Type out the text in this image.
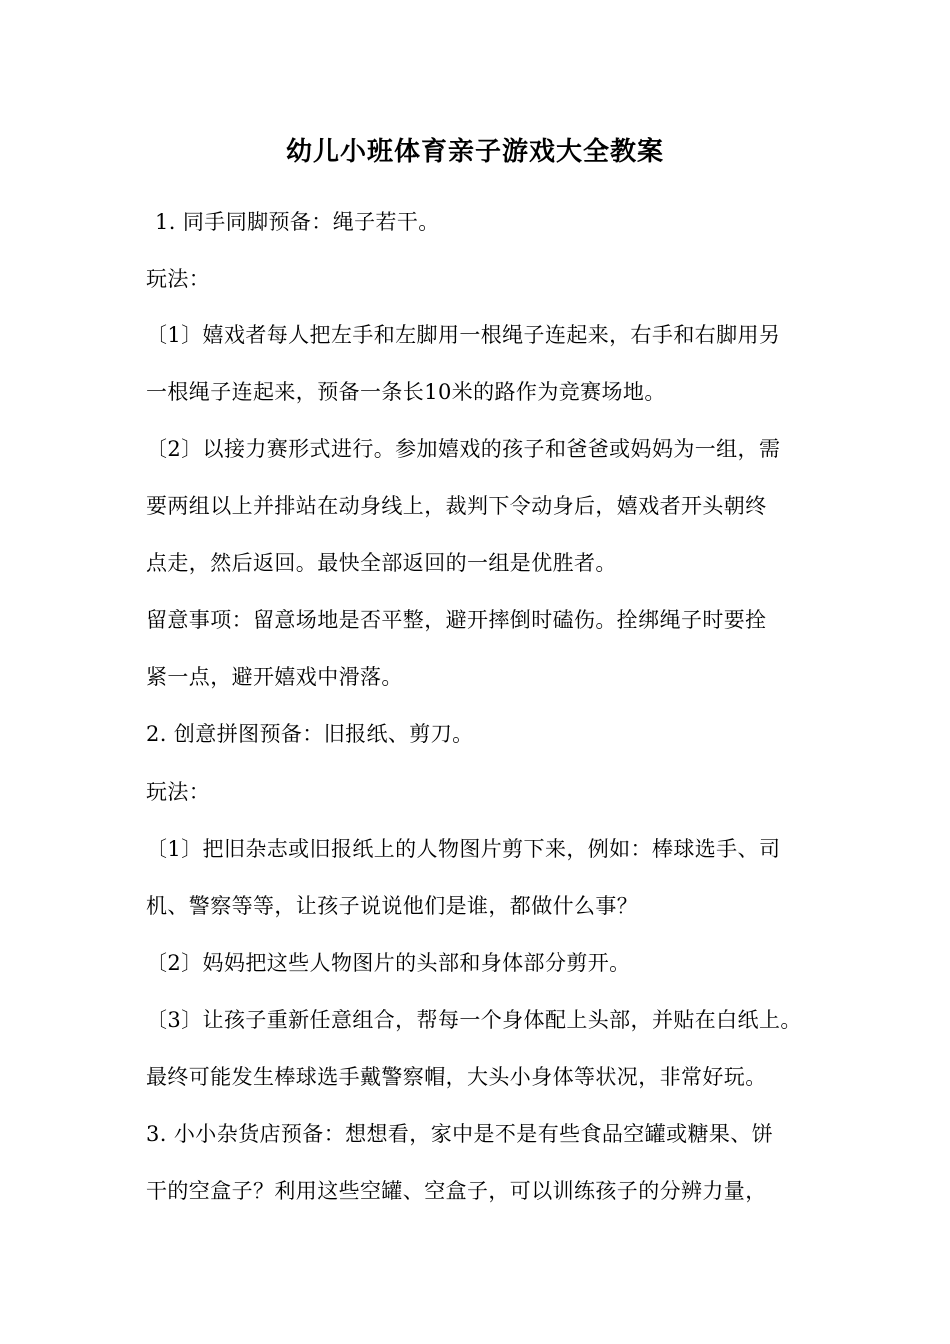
幼儿小班体育亲子游戏大全教案
1. 同手同脚预备：绳子若干。
玩法：
〔1〕嬉戏者每人把左手和左脚用一根绳子连起来，右手和右脚用另
一根绳子连起来，预备一条长10米的路作为竞赛场地。
〔2〕以接力赛形式进行。参加嬉戏的孩子和爸爸或妈妈为一组，需
要两组以上并排站在动身线上，裁判下令动身后，嬉戏者开头朝终
点走，然后返回。最快全部返回的一组是优胜者。
留意事项：留意场地是否平整，避开摔倒时磕伤。拴绑绳子时要拴
紧一点，避开嬉戏中滑落。
2. 创意拼图预备：旧报纸、剪刀。
玩法：
〔1〕把旧杂志或旧报纸上的人物图片剪下来，例如：棒球选手、司
机、警察等等，让孩子说说他们是谁，都做什么事？
〔2〕妈妈把这些人物图片的头部和身体部分剪开。
〔3〕让孩子重新任意组合，帮每一个身体配上头部，并贴在白纸上。
最终可能发生棒球选手戴警察帽，大头小身体等状况，非常好玩。
3. 小小杂货店预备：想想看，家中是不是有些食品空罐或糖果、饼
干的空盒子？利用这些空罐、空盒子，可以训练孩子的分辨力量，
